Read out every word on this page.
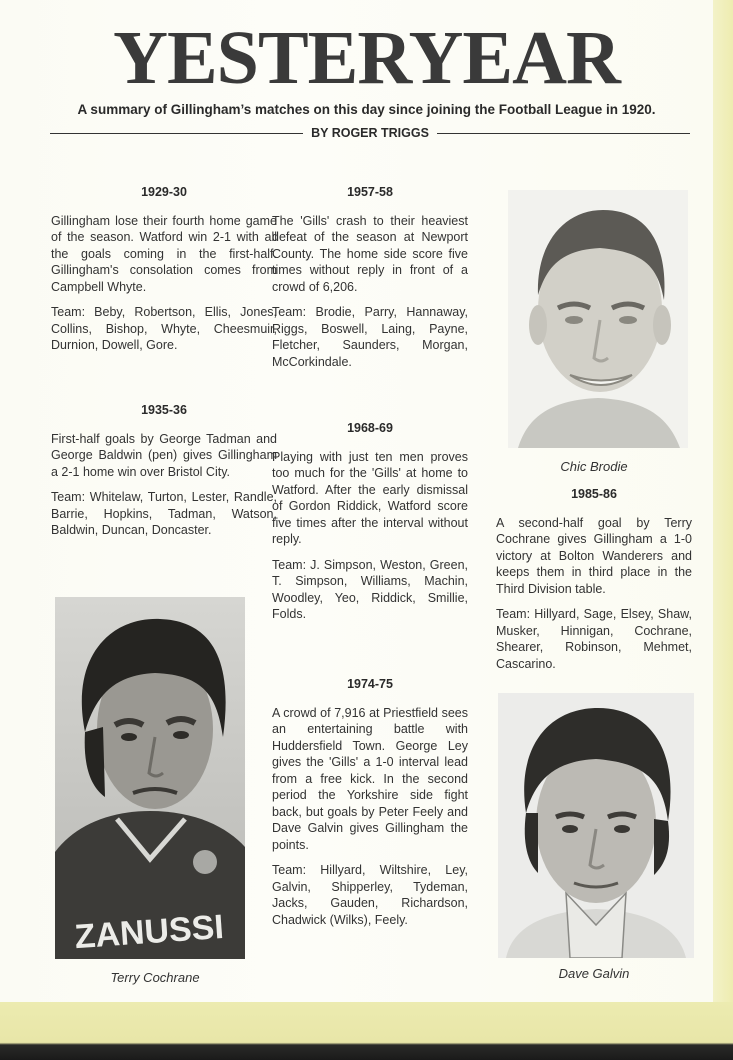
YESTERYEAR
A summary of Gillingham’s matches on this day since joining the Football League in 1920.
BY ROGER TRIGGS
1929-30

Gillingham lose their fourth home game of the season. Watford win 2-1 with all the goals coming in the first-half. Gillingham's consolation comes from Campbell Whyte.

Team: Beby, Robertson, Ellis, Jones, Collins, Bishop, Whyte, Cheesmuir, Durnion, Dowell, Gore.

1935-36

First-half goals by George Tadman and George Baldwin (pen) gives Gillingham a 2-1 home win over Bristol City.

Team: Whitelaw, Turton, Lester, Randle, Barrie, Hopkins, Tadman, Watson, Baldwin, Duncan, Doncaster.

1957-58

The 'Gills' crash to their heaviest defeat of the season at Newport County. The home side score five times without reply in front of a crowd of 6,206.

Team: Brodie, Parry, Hannaway, Riggs, Boswell, Laing, Payne, Fletcher, Saunders, Morgan, McCorkindale.

1968-69

Playing with just ten men proves too much for the 'Gills' at home to Watford. After the early dismissal of Gordon Riddick, Watford score five times after the interval without reply.

Team: J. Simpson, Weston, Green, T. Simpson, Williams, Machin, Woodley, Yeo, Riddick, Smillie, Folds.

1974-75

A crowd of 7,916 at Priestfield sees an entertaining battle with Huddersfield Town. George Ley gives the 'Gills' a 1-0 interval lead from a free kick. In the second period the Yorkshire side fight back, but goals by Peter Feely and Dave Galvin gives Gillingham the points.

Team: Hillyard, Wiltshire, Ley, Galvin, Shipperley, Tydeman, Jacks, Gauden, Richardson, Chadwick (Wilks), Feely.

Chic Brodie
1985-86

A second-half goal by Terry Cochrane gives Gillingham a 1-0 victory at Bolton Wanderers and keeps them in third place in the Third Division table.

Team: Hillyard, Sage, Elsey, Shaw, Musker, Hinnigan, Cochrane, Shearer, Robinson, Mehmet, Cascarino.

Dave Galvin
ZANUSSI
Terry Cochrane
